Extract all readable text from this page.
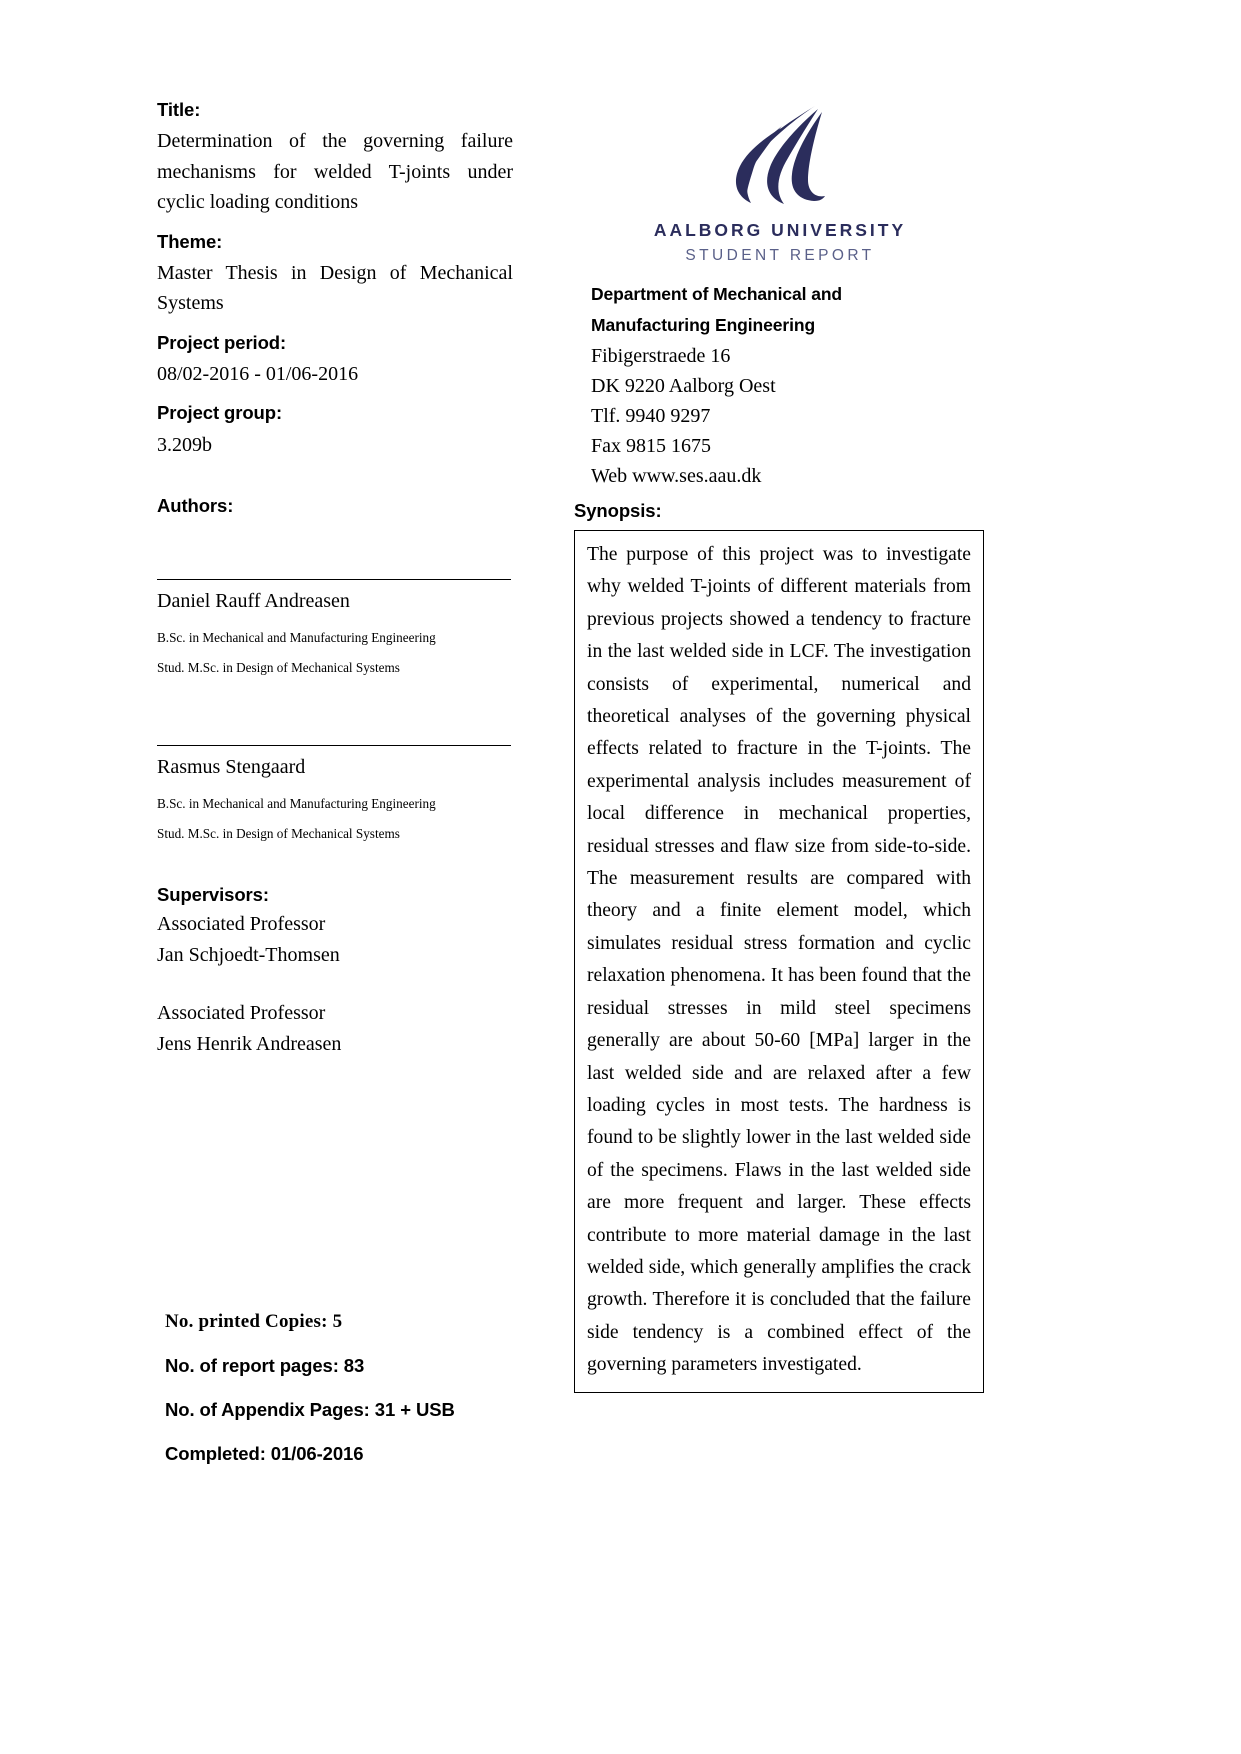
Title:

Determination of the governing failure mechanisms for welded T-joints under cyclic loading conditions

Theme:

Master Thesis in Design of Mechanical Systems

Project period:

08/02-2016 - 01/06-2016

Project group:

3.209b

Authors:
Daniel Rauff Andreasen
B.Sc. in Mechanical and Manufacturing Engineering
Stud. M.Sc. in Design of Mechanical Systems
Rasmus Stengaard
B.Sc. in Mechanical and Manufacturing Engineering
Stud. M.Sc. in Design of Mechanical Systems
Supervisors:

Associated Professor

Jan Schjoedt-Thomsen

Associated Professor

Jens Henrik Andreasen

No. printed Copies: 5

No. of report pages: 83

No. of Appendix Pages: 31 + USB

Completed: 01/06-2016

AALBORG UNIVERSITY
STUDENT REPORT

Department of Mechanical and

Manufacturing Engineering

Fibigerstraede 16

DK 9220 Aalborg Oest

Tlf. 9940 9297

Fax 9815 1675

Web www.ses.aau.dk

Synopsis:

The purpose of this project was to investigate why welded T-joints of different materials from previous projects showed a tendency to fracture in the last welded side in LCF. The investigation consists of experimental, numerical and theoretical analyses of the governing physical effects related to fracture in the T-joints. The experimental analysis includes measurement of local difference in mechanical properties, residual stresses and flaw size from side-to-side. The measurement results are compared with theory and a finite element model, which simulates residual stress formation and cyclic relaxation phenomena. It has been found that the residual stresses in mild steel specimens generally are about 50-60 [MPa] larger in the last welded side and are relaxed after a few loading cycles in most tests. The hardness is found to be slightly lower in the last welded side of the specimens. Flaws in the last welded side are more frequent and larger. These effects contribute to more material damage in the last welded side, which generally amplifies the crack growth. Therefore it is concluded that the failure side tendency is a combined effect of the governing parameters investigated.
